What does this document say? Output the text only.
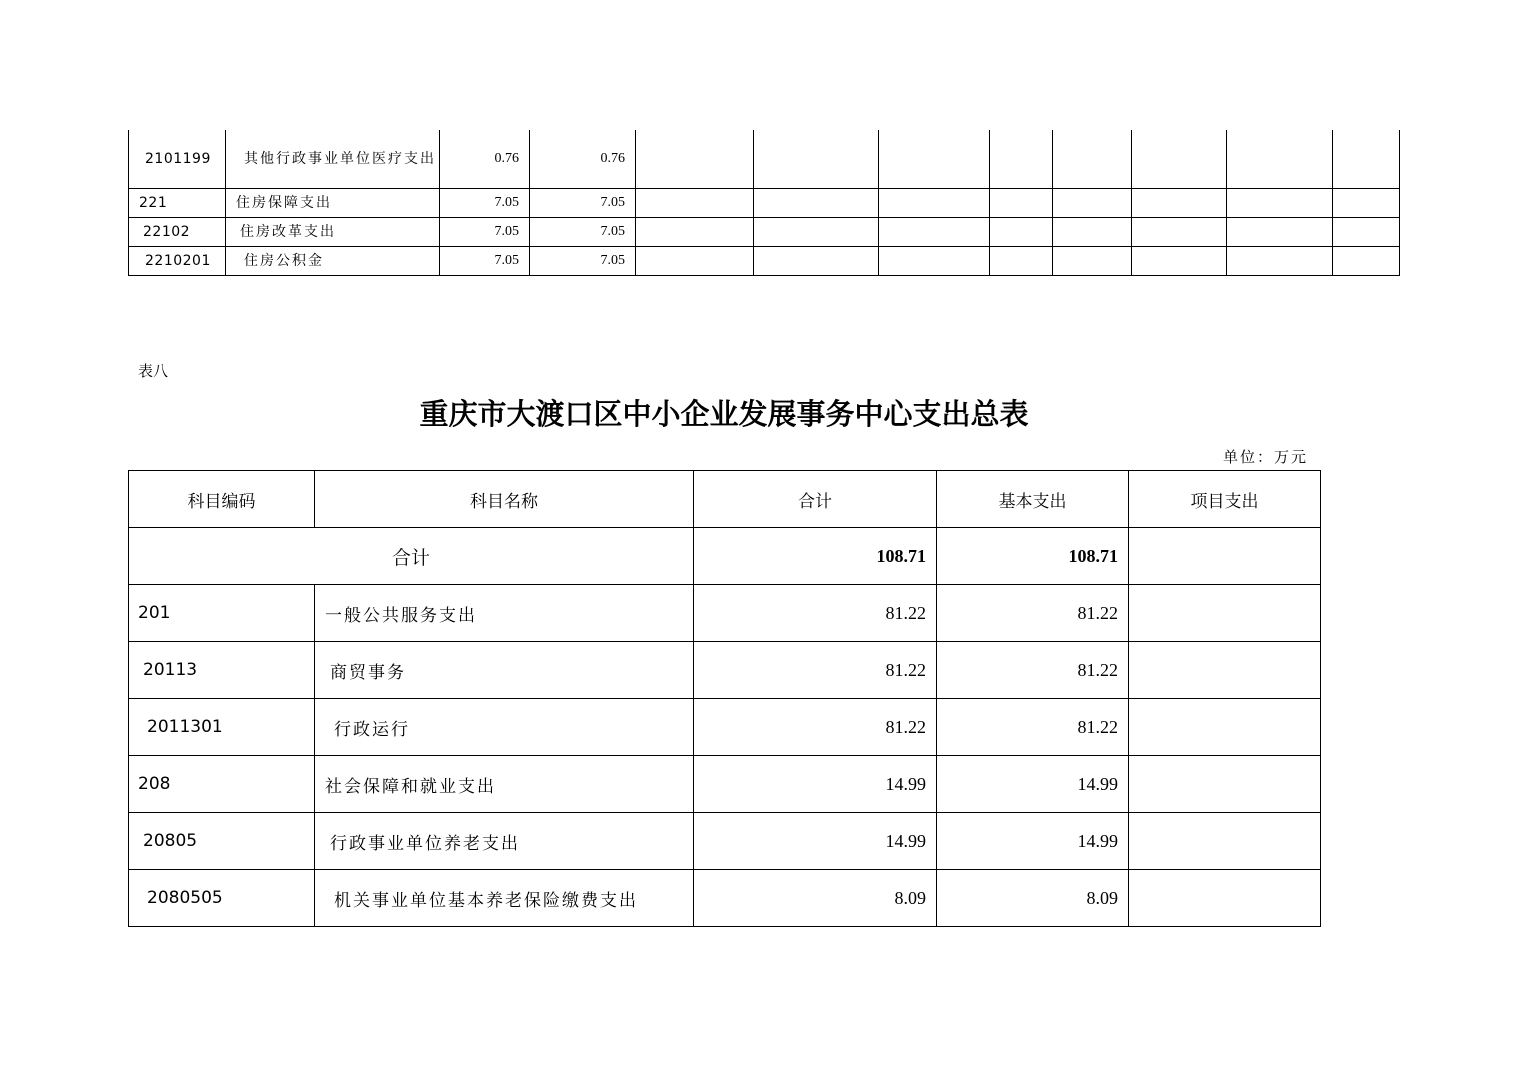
2101199	其他行政事业单位医疗支出	0.76	0.76								
221	住房保障支出	7.05	7.05								
22102	住房改革支出	7.05	7.05								
2210201	住房公积金	7.05	7.05								
表八
重庆市大渡口区中小企业发展事务中心支出总表
单位：万元
科目编码	科目名称	合计	基本支出	项目支出
合计		108.71	108.71	
201	一般公共服务支出	81.22	81.22	
20113	商贸事务	81.22	81.22	
2011301	行政运行	81.22	81.22	
208	社会保障和就业支出	14.99	14.99	
20805	行政事业单位养老支出	14.99	14.99	
2080505	机关事业单位基本养老保险缴费支出	8.09	8.09	
